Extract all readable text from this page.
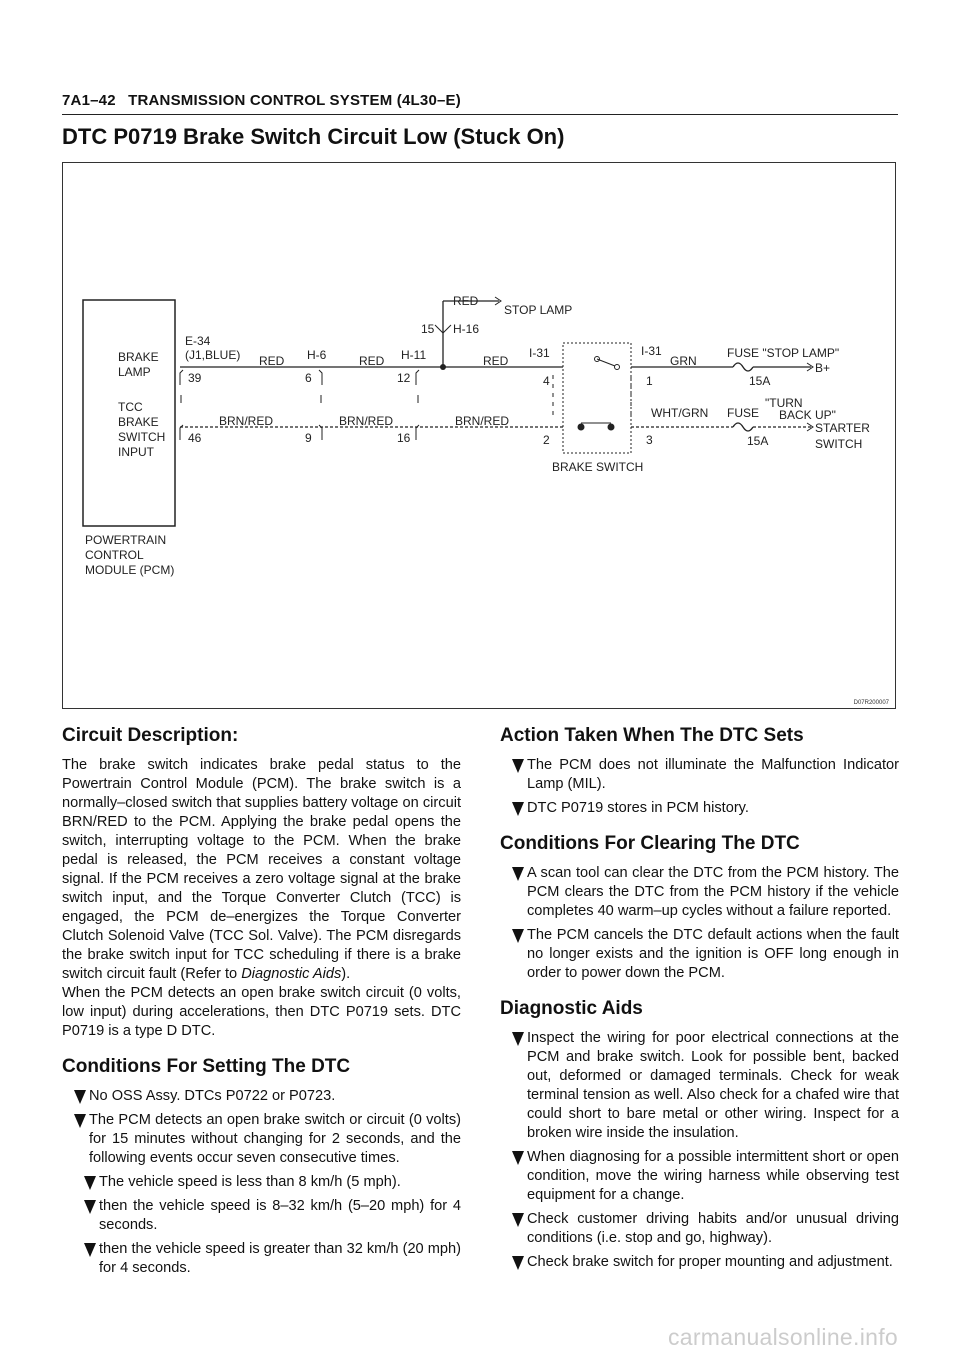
7A1–42 TRANSMISSION CONTROL SYSTEM (4L30–E)
DTC P0719 Brake Switch Circuit Low (Stuck On)
BRAKE
LAMP
TCC
BRAKE
SWITCH
INPUT
POWERTRAIN
CONTROL
MODULE (PCM)
E-34
(J1,BLUE)
39
46
RED
BRN/RED
H-6
6
9
RED
BRN/RED
H-11
12
16
15 H-16
RED
STOP LAMP
RED
BRN/RED
I-31
4
2
I-31
1
3
GRN
WHT/GRN
FUSE "STOP LAMP"
15A
B+
FUSE
"TURN
BACK UP"
15A
STARTER
SWITCH
BRAKE SWITCH
D07R200007
Circuit Description:

The brake switch indicates brake pedal status to the Powertrain Control Module (PCM). The brake switch is a normally–closed switch that supplies battery voltage on circuit BRN/RED to the PCM. Applying the brake pedal opens the switch, interrupting voltage to the PCM. When the brake pedal is released, the PCM receives a constant voltage signal. If the PCM receives a zero voltage signal at the brake switch input, and the Torque Converter Clutch (TCC) is engaged, the PCM de–energizes the Torque Converter Clutch Solenoid Valve (TCC Sol. Valve). The PCM disregards the brake switch input for TCC scheduling if there is a brake switch circuit fault (Refer to Diagnostic Aids).

When the PCM detects an open brake switch circuit (0 volts, low input) during accelerations, then DTC P0719 sets. DTC P0719 is a type D DTC.

Conditions For Setting The DTC
No OSS Assy. DTCs P0722 or P0723.
The PCM detects an open brake switch or circuit (0 volts) for 15 minutes without changing for 2 seconds, and the following events occur seven consecutive times.
The vehicle speed is less than 8 km/h (5 mph).
then the vehicle speed is 8–32 km/h (5–20 mph) for 4 seconds.
then the vehicle speed is greater than 32 km/h (20 mph) for 4 seconds.
Action Taken When The DTC Sets
The PCM does not illuminate the Malfunction Indicator Lamp (MIL).
DTC P0719 stores in PCM history.
Conditions For Clearing The DTC
A scan tool can clear the DTC from the PCM history. The PCM clears the DTC from the PCM history if the vehicle completes 40 warm–up cycles without a failure reported.
The PCM cancels the DTC default actions when the fault no longer exists and the ignition is OFF long enough in order to power down the PCM.
Diagnostic Aids
Inspect the wiring for poor electrical connections at the PCM and brake switch. Look for possible bent, backed out, deformed or damaged terminals. Check for weak terminal tension as well. Also check for a chafed wire that could short to bare metal or other wiring. Inspect for a broken wire inside the insulation.
When diagnosing for a possible intermittent short or open condition, move the wiring harness while observing test equipment for a change.
Check customer driving habits and/or unusual driving conditions (i.e. stop and go, highway).
Check brake switch for proper mounting and adjustment.
carmanualsonline.info
